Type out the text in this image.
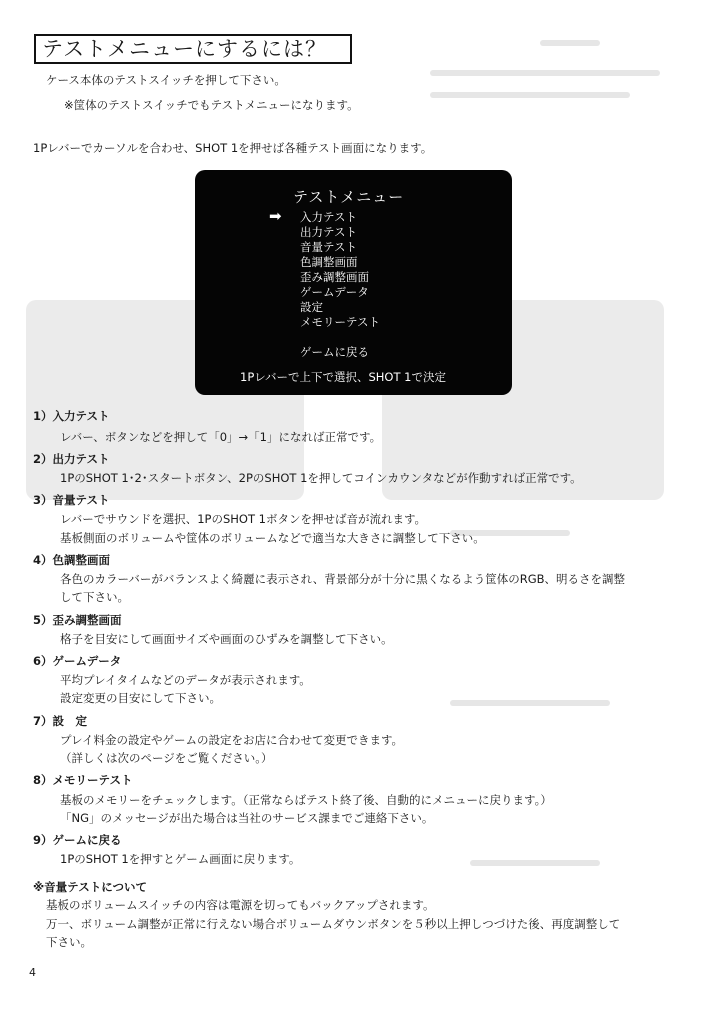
テストメニューにするには？
ケース本体のテストスイッチを押して下さい。
※筐体のテストスイッチでもテストメニューになります。
1Pレバーでカーソルを合わせ、SHOT 1を押せば各種テスト画面になります。
テストメニュー
➡ 入力テスト
出力テスト
音量テスト
色調整画面
歪み調整画面
ゲームデータ
設定
メモリーテスト
ゲームに戻る
1Pレバーで上下で選択、SHOT 1で決定
1）入力テスト
レバー、ボタンなどを押して「0」→「1」になれば正常です。
2）出力テスト
1PのSHOT 1･2･スタートボタン、2PのSHOT 1を押してコインカウンタなどが作動すれば正常です。
3）音量テスト
レバーでサウンドを選択、1PのSHOT 1ボタンを押せば音が流れます。
基板側面のボリュームや筐体のボリュームなどで適当な大きさに調整して下さい。
4）色調整画面
各色のカラーバーがバランスよく綺麗に表示され、背景部分が十分に黒くなるよう筐体のRGB、明るさを調整
して下さい。
5）歪み調整画面
格子を目安にして画面サイズや画面のひずみを調整して下さい。
6）ゲームデータ
平均プレイタイムなどのデータが表示されます。
設定変更の目安にして下さい。
7）設　定
プレイ料金の設定やゲームの設定をお店に合わせて変更できます。
（詳しくは次のページをご覧ください。）
8）メモリーテスト
基板のメモリーをチェックします。（正常ならばテスト終了後、自動的にメニューに戻ります。）
「NG」のメッセージが出た場合は当社のサービス課までご連絡下さい。
9）ゲームに戻る
1PのSHOT 1を押すとゲーム画面に戻ります。
※音量テストについて
基板のボリュームスイッチの内容は電源を切ってもバックアップされます。
万一、ボリューム調整が正常に行えない場合ボリュームダウンボタンを５秒以上押しつづけた後、再度調整して
下さい。
4
